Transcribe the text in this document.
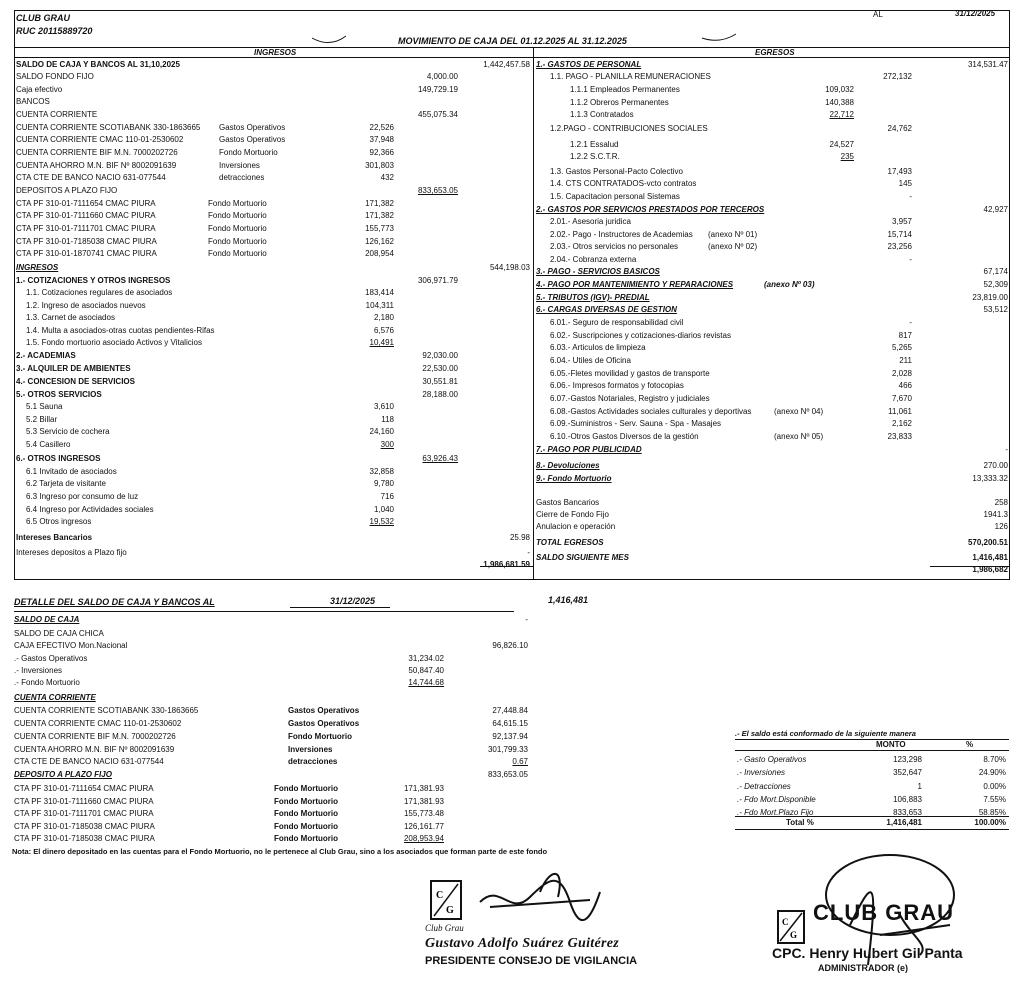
CLUB GRAU
RUC 20115889720
AL	31/12/2025
MOVIMIENTO DE CAJA DEL 01.12.2025 AL 31.12.2025
INGRESOS	EGRESOS
SALDO DE CAJA Y BANCOS AL 31,10,2025	1,442,457.58
SALDO FONDO FIJO	4,000.00
Caja efectivo	149,729.19
BANCOS
CUENTA CORRIENTE	455,075.34
CUENTA CORRIENTE SCOTIABANK 330-1863665 Gastos Operativos	22,526
CUENTA CORRIENTE CMAC 110-01-2530602	Gastos Operativos	37,948
CUENTA CORRIENTE BIF M.N. 7000202726	Fondo Mortuorio	92,366
CUENTA AHORRO M.N. BIF Nº 8002091639	Inversiones	301,803
CTA CTE DE BANCO NACIO 631-077544	detracciones	432
DEPOSITOS A PLAZO FIJO	833,653.05
CTA PF 310-01-7111654 CMAC PIURA	Fondo Mortuorio	171,382
CTA PF 310-01-7111660 CMAC PIURA	Fondo Mortuorio	171,382
CTA PF 310-01-7111701 CMAC PIURA	Fondo Mortuorio	155,773
CTA PF 310-01-7185038 CMAC PIURA	Fondo Mortuorio	126,162
CTA PF 310-01-1870741 CMAC PIURA	Fondo Mortuorio	208,954
INGRESOS	544,198.03
1.- COTIZACIONES Y OTROS INGRESOS	306,971.79
1.1. Cotizaciones regulares de asociados	183,414
1.2. Ingreso de asociados nuevos	104,311
1.3. Carnet de asociados	2,180
1.4. Multa a asociados-otras cuotas pendientes-Rifas	6,576
1.5. Fondo mortuorio asociado Activos y Vitalicios	10,491
2.- ACADEMIAS	92,030.00
3.- ALQUILER DE AMBIENTES	22,530.00
4.- CONCESION DE SERVICIOS	30,551.81
5.- OTROS SERVICIOS	28,188.00
5.1 Sauna	3,610
5.2 Billar	118
5.3 Servicio de cochera	24,160
5.4 Casillero	300
6.- OTROS INGRESOS	63,926.43
6.1 Invitado de asociados	32,858
6.2 Tarjeta de visitante	9,780
6.3 Ingreso por consumo de luz	716
6.4 Ingreso por Actividades sociales	1,040
6.5 Otros ingresos	19,532
Intereses Bancarios	25.98
Intereses depositos a Plazo fijo	-
1,986,681.59
1.- GASTOS DE PERSONAL	314,531.47
1.1. PAGO - PLANILLA REMUNERACIONES	272,132
1.1.1 Empleados Permanentes	109,032
1.1.2 Obreros Permanentes	140,388
1.1.3 Contratados	22,712
1.2.PAGO - CONTRIBUCIONES SOCIALES	24,762
1.2.1 Essalud	24,527
1.2.2 S.C.T.R.	235
1.3. Gastos Personal-Pacto Colectivo	17,493
1.4. CTS CONTRATADOS-vcto contratos	145
1.5. Capacitacion personal Sistemas	-
2.- GASTOS POR SERVICIOS PRESTADOS POR TERCEROS	42,927
2.01.- Asesoria juridica	3,957
2.02.- Pago - Instructores de Academias (anexo Nº 01)	15,714
2.03.- Otros servicios no personales	(anexo Nº 02)	23,256
2.04.- Cobranza externa	-
3.- PAGO - SERVICIOS BASICOS	67,174
4.- PAGO POR MANTENIMIENTO Y REPARACIONES	(anexo Nº 03)	52,309
5.- TRIBUTOS (IGV)- PREDIAL	23,819.00
6.- CARGAS DIVERSAS DE GESTION	53,512
6.01.- Seguro de responsabilidad civil	-
6.02.- Suscripciones y cotizaciones-diarios revistas	817
6.03.- Articulos de limpieza	5,265
6.04.- Utiles de Oficina	211
6.05.-Fletes movilidad y gastos de transporte	2,028
6.06.- Impresos formatos y fotocopias	466
6.07.-Gastos Notariales, Registro y judiciales	7,670
6.08.-Gastos Actividades sociales culturales y deportivas	(anexo Nº 04)	11,061
6.09.-Suministros - Serv. Sauna - Spa - Masajes	2,162
6.10.-Otros Gastos Diversos de la gestión	(anexo Nº 05)	23,833
7.- PAGO POR PUBLICIDAD	-
8.- Devoluciones	270.00
9.- Fondo Mortuorio	13,333.32
Gastos Bancarios	258
Cierre de Fondo Fijo	1941.3
Anulacion e operación	126
TOTAL EGRESOS	570,200.51
SALDO SIGUIENTE MES	1,416,481
1,986,682
DETALLE DEL SALDO DE CAJA Y BANCOS AL	31/12/2025	1,416,481
SALDO DE CAJA	-
SALDO DE CAJA CHICA
CAJA EFECTIVO Mon.Nacional	96,826.10
.- Gastos Operativos	31,234.02
.- Inversiones	50,847.40
.- Fondo Mortuorio	14,744.68
CUENTA CORRIENTE
CUENTA CORRIENTE SCOTIABANK 330-1863665	Gastos Operativos	27,448.84
CUENTA CORRIENTE CMAC 110-01-2530602	Gastos Operativos	64,615.15
CUENTA CORRIENTE BIF M.N. 7000202726	Fondo Mortuorio	92,137.94
CUENTA AHORRO M.N. BIF Nº 8002091639	Inversiones	301,799.33
CTA CTE DE BANCO NACIO 631-077544	detracciones	0.67
DEPOSITO A PLAZO FIJO	833,653.05
CTA PF 310-01-7111654 CMAC PIURA	Fondo Mortuorio	171,381.93
CTA PF 310-01-7111660 CMAC PIURA	Fondo Mortuorio	171,381.93
CTA PF 310-01-7111701 CMAC PIURA	Fondo Mortuorio	155,773.48
CTA PF 310-01-7185038 CMAC PIURA	Fondo Mortuorio	126,161.77
CTA PF 310-01-7185038 CMAC PIURA	Fondo Mortuorio	208,953.94
Nota: El dinero depositado en las cuentas para el Fondo Mortuorio, no le pertenece al Club Grau, sino a los asociados que forman parte de este fondo
.- El saldo está conformado de la siguiente manera
MONTO	%
.- Gasto Operativos	123,298	8.70%
.- Inversiones	352,647	24.90%
.- Detracciones	1	0.00%
.- Fdo Mort.Disponible	106,883	7.55%
.- Fdo Mort.Plazo Fijo	833,653	58.85%
Total %	1,416,481	100.00%
C
G
Club Grau
Gustavo Adolfo Suárez Guitérez
PRESIDENTE CONSEJO DE VIGILANCIA
C
G
CLUB GRAU
CPC. Henry Hubert Gil Panta
ADMINISTRADOR (e)
